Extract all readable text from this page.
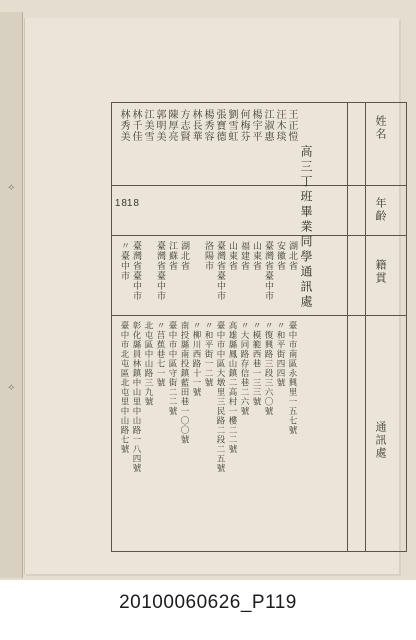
⟡
⟡
姓名
年齡
籍貫
通訊處
高三丁班畢業同學通訊處
王正愷
湖北省
臺中市南區永興里一五七號
汪木琰
安徽省
〃和平街四四號
江淑惠
臺灣省臺中市
〃復興路三段三六〇號
楊宇平
山東省
〃模範西巷一三三號
何梅芬
福建省
〃大同路存信巷二六號
劉雪虹
山東省
高雄縣鳳山鎮二高村一樓二二號
張寶德
臺灣省臺中市
臺中市中區大墩里三民路二段二五號
楊秀容
洛陽市
〃和平街一二號
林長華
〃柳川西路十一號
方志賢
湖北省
南投縣南投鎮藍田巷一〇〇號
陳厚亮
江蘇省
臺中市中區守街二二號
郭明美
臺灣省臺中市
〃莒蕉巷七一號
江美雪
北屯區中山路三九號
林千佳
18
臺灣省臺中市
彰化縣員林鎮中山里中山路一八四號
林秀美
18
〃臺中市
臺中市北屯區北屯里中山路七號
20100060626_P119
